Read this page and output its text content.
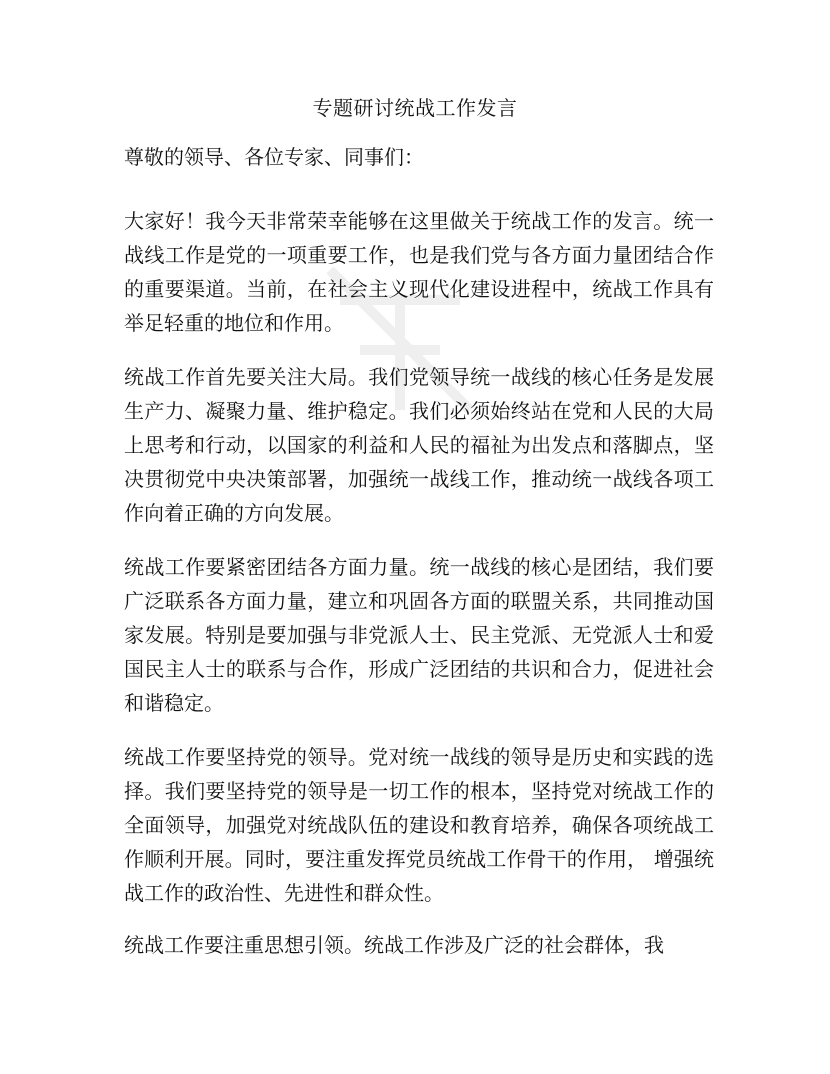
专题研讨统战工作发言
尊敬的领导、各位专家、同事们：

大家好！我今天非常荣幸能够在这里做关于统战工作的发言。统一战线工作是党的一项重要工作，也是我们党与各方面力量团结合作的重要渠道。当前，在社会主义现代化建设进程中，统战工作具有举足轻重的地位和作用。

统战工作首先要关注大局。我们党领导统一战线的核心任务是发展生产力、凝聚力量、维护稳定。我们必须始终站在党和人民的大局上思考和行动，以国家的利益和人民的福祉为出发点和落脚点，坚决贯彻党中央决策部署，加强统一战线工作，推动统一战线各项工作向着正确的方向发展。

统战工作要紧密团结各方面力量。统一战线的核心是团结，我们要广泛联系各方面力量，建立和巩固各方面的联盟关系，共同推动国家发展。特别是要加强与非党派人士、民主党派、无党派人士和爱国民主人士的联系与合作，形成广泛团结的共识和合力，促进社会和谐稳定。

统战工作要坚持党的领导。党对统一战线的领导是历史和实践的选择。我们要坚持党的领导是一切工作的根本，坚持党对统战工作的全面领导，加强党对统战队伍的建设和教育培养，确保各项统战工作顺利开展。同时，要注重发挥党员统战工作骨干的作用， 增强统战工作的政治性、先进性和群众性。

统战工作要注重思想引领。统战工作涉及广泛的社会群体，我
